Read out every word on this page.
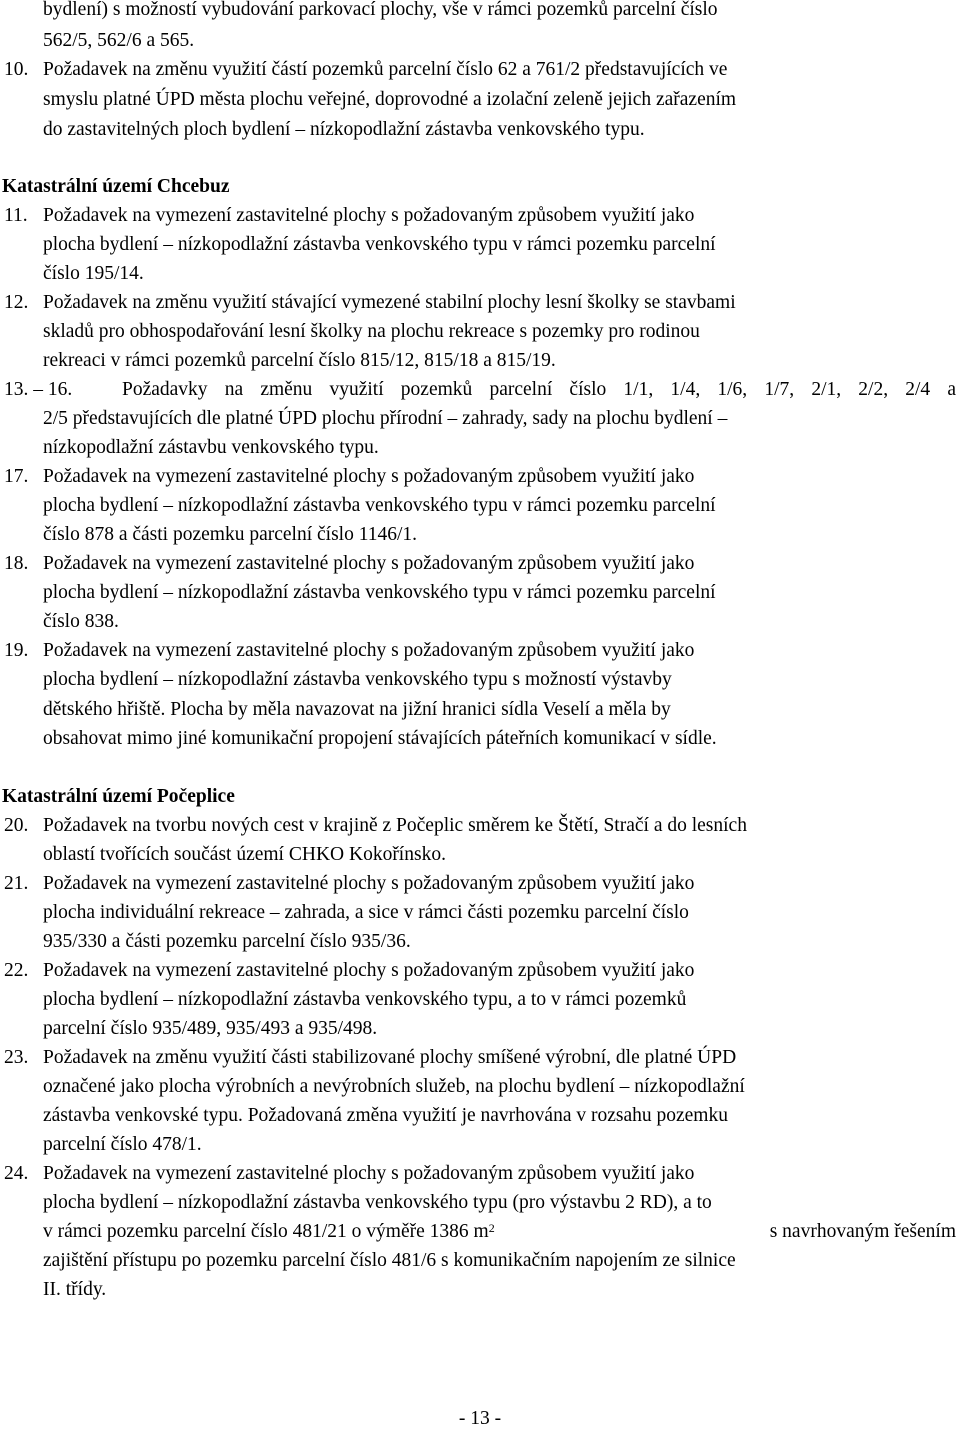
bydlení) s možností vybudování parkovací plochy, vše v rámci pozemků parcelní číslo
562/5, 562/6 a 565.
10. Požadavek na změnu využití částí pozemků parcelní číslo 62 a 761/2 představujících ve
smyslu platné ÚPD města plochu veřejné, doprovodné a izolační zeleně jejich zařazením
do zastavitelných ploch bydlení – nízkopodlažní zástavba venkovského typu.
Katastrální území Chcebuz
11. Požadavek na vymezení zastavitelné plochy s požadovaným způsobem využití jako
plocha bydlení – nízkopodlažní zástavba venkovského typu v rámci pozemku parcelní
číslo 195/14.
12. Požadavek na změnu využití stávající vymezené stabilní plochy lesní školky se stavbami
skladů pro obhospodařování lesní školky na plochu rekreace s pozemky pro rodinou
rekreaci v rámci pozemků parcelní číslo 815/12, 815/18 a 815/19.
13. – 16.	Požadavky na změnu využití pozemků parcelní číslo 1/1, 1/4, 1/6, 1/7, 2/1, 2/2, 2/4 a
2/5 představujících dle platné ÚPD plochu přírodní – zahrady, sady na plochu bydlení –
nízkopodlažní zástavbu venkovského typu.
17. Požadavek na vymezení zastavitelné plochy s požadovaným způsobem využití jako
plocha bydlení – nízkopodlažní zástavba venkovského typu v rámci pozemku parcelní
číslo 878 a části pozemku parcelní číslo 1146/1.
18. Požadavek na vymezení zastavitelné plochy s požadovaným způsobem využití jako
plocha bydlení – nízkopodlažní zástavba venkovského typu v rámci pozemku parcelní
číslo 838.
19. Požadavek na vymezení zastavitelné plochy s požadovaným způsobem využití jako
plocha bydlení – nízkopodlažní zástavba venkovského typu s možností výstavby
dětského hřiště. Plocha by měla navazovat na jižní hranici sídla Veselí a měla by
obsahovat mimo jiné komunikační propojení stávajících páteřních komunikací v sídle.
Katastrální území Počeplice
20. Požadavek na tvorbu nových cest v krajině z Počeplic směrem ke Štětí, Stračí a do lesních
oblastí tvořících součást území CHKO Kokořínsko.
21. Požadavek na vymezení zastavitelné plochy s požadovaným způsobem využití jako
plocha individuální rekreace – zahrada, a sice v rámci části pozemku parcelní číslo
935/330 a části pozemku parcelní číslo 935/36.
22. Požadavek na vymezení zastavitelné plochy s požadovaným způsobem využití jako
plocha bydlení – nízkopodlažní zástavba venkovského typu, a to v rámci pozemků
parcelní číslo 935/489, 935/493 a 935/498.
23. Požadavek na změnu využití části stabilizované plochy smíšené výrobní, dle platné ÚPD
označené jako plocha výrobních a nevýrobních služeb, na plochu bydlení – nízkopodlažní
zástavba venkovské typu. Požadovaná změna využití je navrhována v rozsahu pozemku
parcelní číslo 478/1.
24. Požadavek na vymezení zastavitelné plochy s požadovaným způsobem využití jako
plocha bydlení – nízkopodlažní zástavba venkovského typu (pro výstavbu 2 RD), a to
v rámci pozemku parcelní číslo 481/21 o výměře 1386 $m^2$	s navrhovaným řešením
zajištění přístupu po pozemku parcelní číslo 481/6 s komunikačním napojením ze silnice
II. třídy.
- 13 -
